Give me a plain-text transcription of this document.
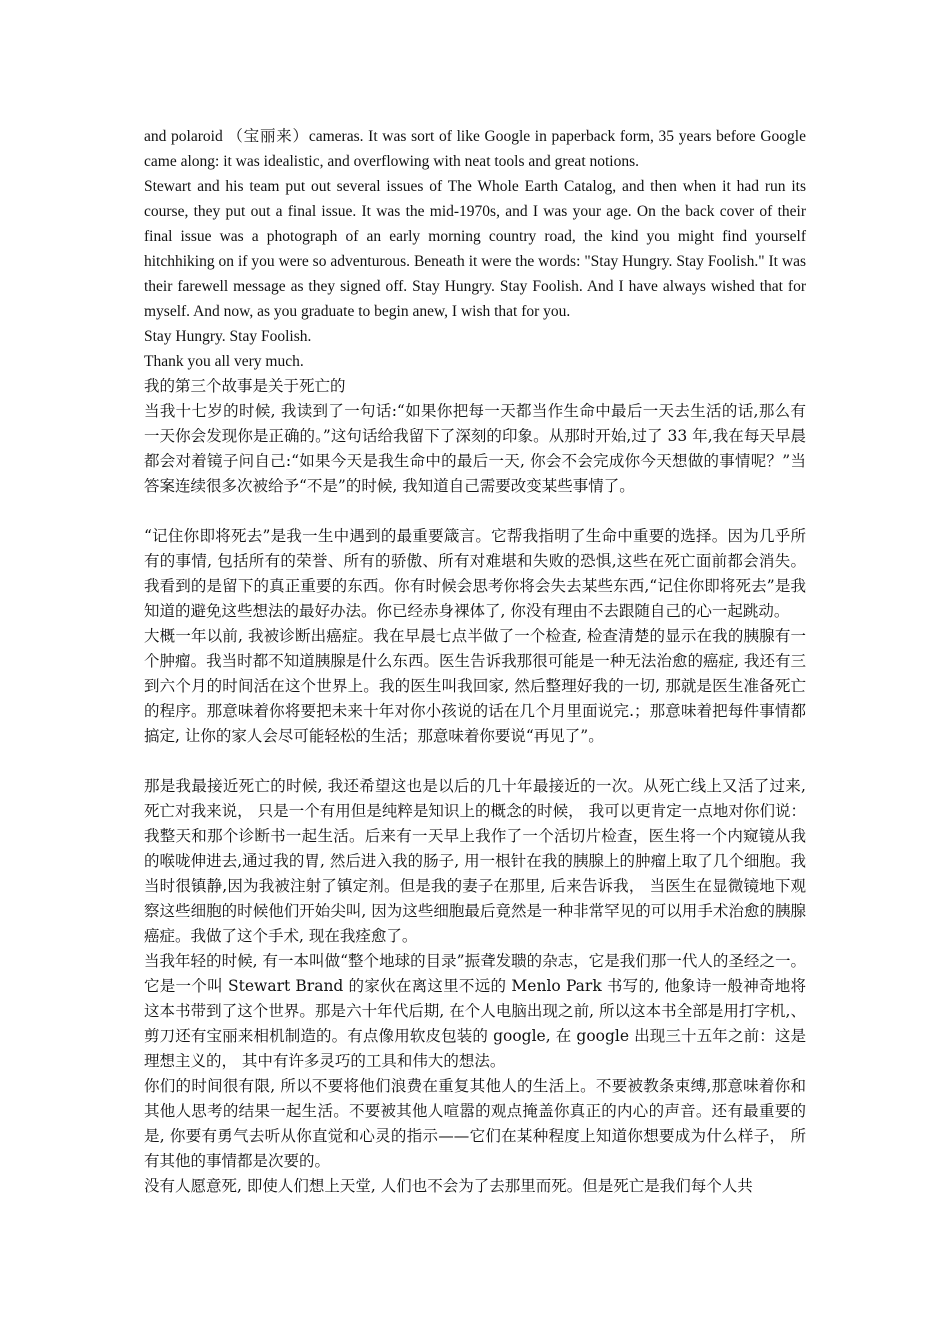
and polaroid （宝丽来）cameras. It was sort of like Google in paperback form, 35 years before Google came along: it was idealistic, and overflowing with neat tools and great notions.

Stewart and his team put out several issues of The Whole Earth Catalog, and then when it had run its course, they put out a final issue. It was the mid-1970s, and I was your age. On the back cover of their final issue was a photograph of an early morning country road, the kind you might find yourself hitchhiking on if you were so adventurous. Beneath it were the words: "Stay Hungry. Stay Foolish." It was their farewell message as they signed off. Stay Hungry. Stay Foolish. And I have always wished that for myself. And now, as you graduate to begin anew, I wish that for you.

Stay Hungry. Stay Foolish.

Thank you all very much.

我的第三个故事是关于死亡的

当我十七岁的时候, 我读到了一句话:“如果你把每一天都当作生命中最后一天去生活的话,那么有一天你会发现你是正确的。”这句话给我留下了深刻的印象。从那时开始,过了 33 年,我在每天早晨都会对着镜子问自己:“如果今天是我生命中的最后一天, 你会不会完成你今天想做的事情呢？”当答案连续很多次被给予“不是”的时候, 我知道自己需要改变某些事情了。

“记住你即将死去”是我一生中遇到的最重要箴言。它帮我指明了生命中重要的选择。因为几乎所有的事情, 包括所有的荣誉、所有的骄傲、所有对难堪和失败的恐惧,这些在死亡面前都会消失。我看到的是留下的真正重要的东西。你有时候会思考你将会失去某些东西,“记住你即将死去”是我知道的避免这些想法的最好办法。你已经赤身裸体了, 你没有理由不去跟随自己的心一起跳动。

大概一年以前, 我被诊断出癌症。我在早晨七点半做了一个检查, 检查清楚的显示在我的胰腺有一个肿瘤。我当时都不知道胰腺是什么东西。医生告诉我那很可能是一种无法治愈的癌症, 我还有三到六个月的时间活在这个世界上。我的医生叫我回家, 然后整理好我的一切, 那就是医生准备死亡的程序。那意味着你将要把未来十年对你小孩说的话在几个月里面说完.；那意味着把每件事情都搞定, 让你的家人会尽可能轻松的生活；那意味着你要说“再见了”。

那是我最接近死亡的时候, 我还希望这也是以后的几十年最接近的一次。从死亡线上又活了过来, 死亡对我来说， 只是一个有用但是纯粹是知识上的概念的时候， 我可以更肯定一点地对你们说：我整天和那个诊断书一起生活。后来有一天早上我作了一个活切片检查，医生将一个内窥镜从我的喉咙伸进去,通过我的胃, 然后进入我的肠子, 用一根针在我的胰腺上的肿瘤上取了几个细胞。我当时很镇静,因为我被注射了镇定剂。但是我的妻子在那里, 后来告诉我， 当医生在显微镜地下观察这些细胞的时候他们开始尖叫, 因为这些细胞最后竟然是一种非常罕见的可以用手术治愈的胰腺癌症。我做了这个手术, 现在我痊愈了。

当我年轻的时候, 有一本叫做“整个地球的目录”振聋发聩的杂志，它是我们那一代人的圣经之一。它是一个叫 Stewart Brand 的家伙在离这里不远的 Menlo Park 书写的, 他象诗一般神奇地将这本书带到了这个世界。那是六十年代后期, 在个人电脑出现之前, 所以这本书全部是用打字机,、剪刀还有宝丽来相机制造的。有点像用软皮包装的 google, 在 google 出现三十五年之前：这是理想主义的， 其中有许多灵巧的工具和伟大的想法。

你们的时间很有限, 所以不要将他们浪费在重复其他人的生活上。不要被教条束缚,那意味着你和其他人思考的结果一起生活。不要被其他人喧嚣的观点掩盖你真正的内心的声音。还有最重要的是, 你要有勇气去听从你直觉和心灵的指示——它们在某种程度上知道你想要成为什么样子， 所有其他的事情都是次要的。

没有人愿意死, 即使人们想上天堂, 人们也不会为了去那里而死。但是死亡是我们每个人共
